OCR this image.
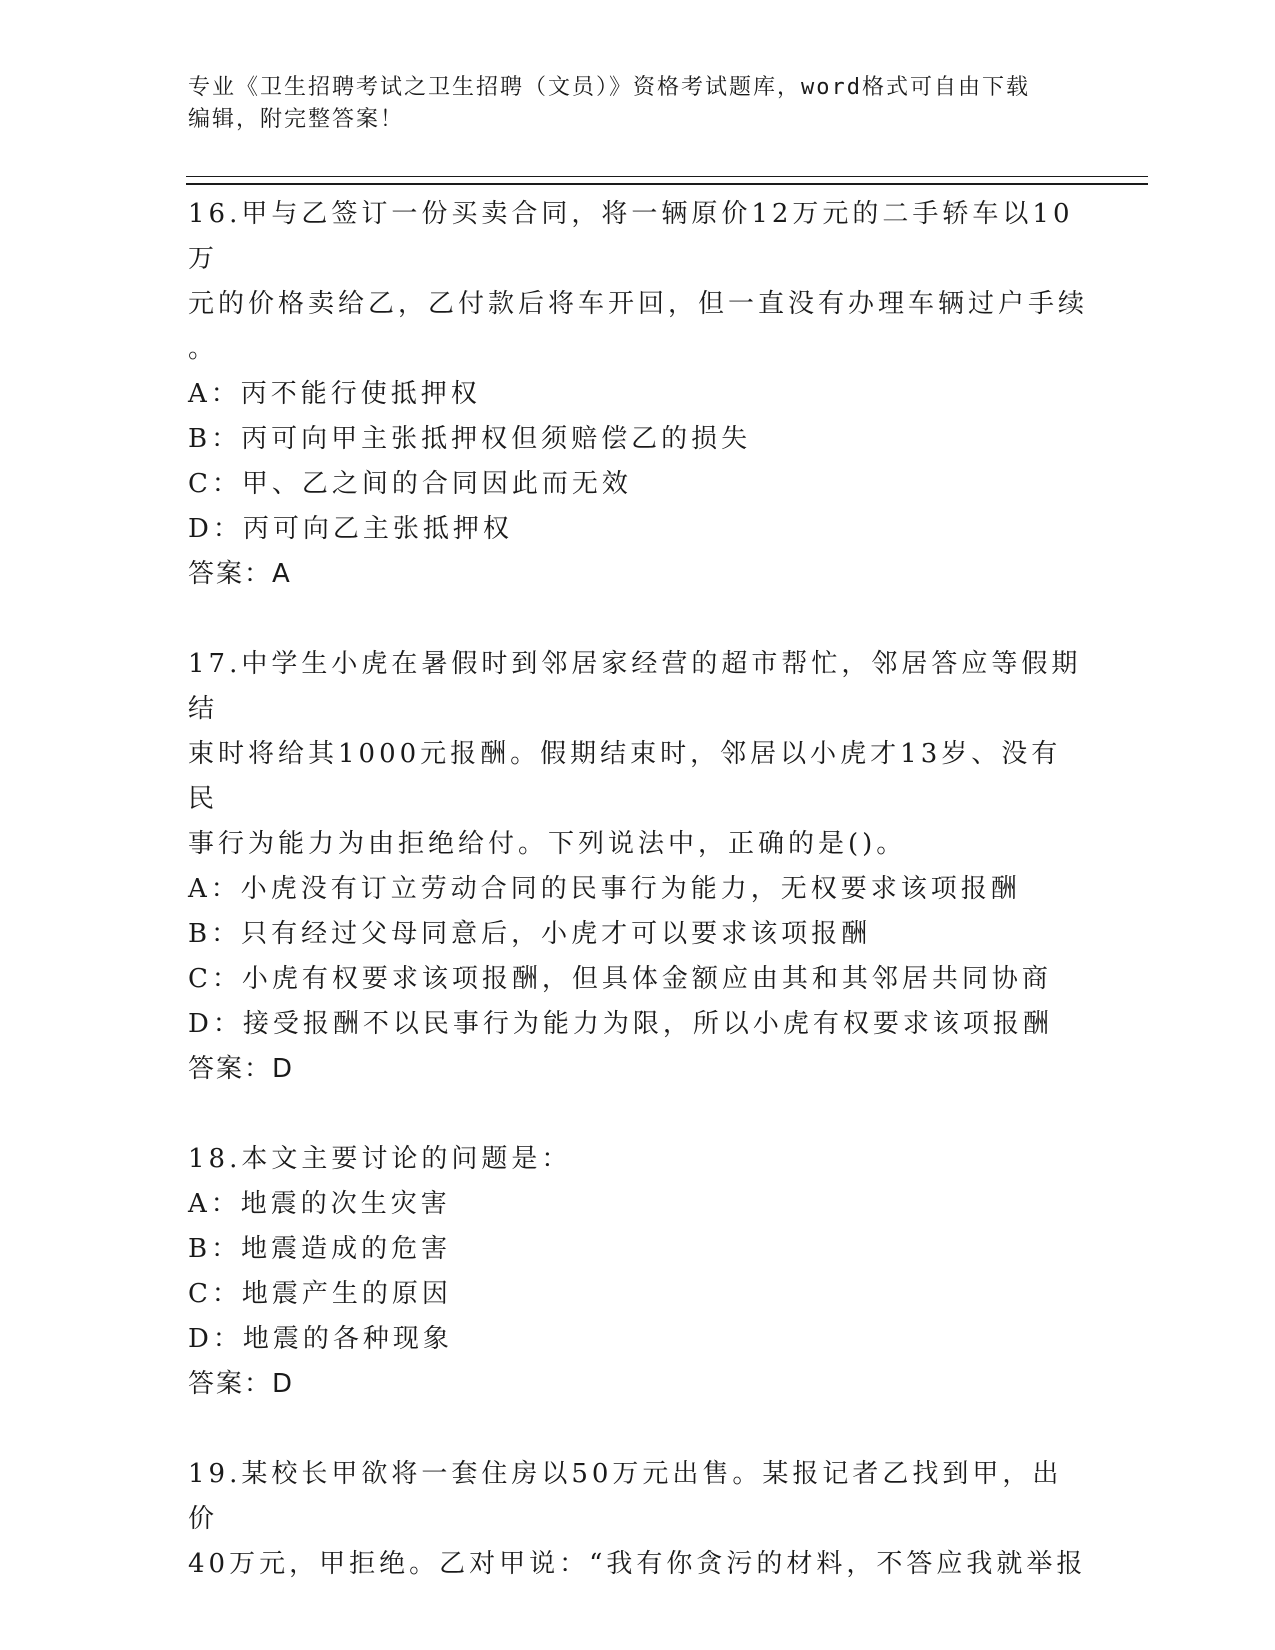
专业《卫生招聘考试之卫生招聘（文员）》资格考试题库，word格式可自由下载
编辑，附完整答案！

16.甲与乙签订一份买卖合同，将一辆原价12万元的二手轿车以10万

元的价格卖给乙，乙付款后将车开回，但一直没有办理车辆过户手续

。

A：丙不能行使抵押权

B：丙可向甲主张抵押权但须赔偿乙的损失

C：甲、乙之间的合同因此而无效

D：丙可向乙主张抵押权

答案：A

17.中学生小虎在暑假时到邻居家经营的超市帮忙，邻居答应等假期结

束时将给其1000元报酬。假期结束时，邻居以小虎才13岁、没有民

事行为能力为由拒绝给付。下列说法中，正确的是()。

A：小虎没有订立劳动合同的民事行为能力，无权要求该项报酬

B：只有经过父母同意后，小虎才可以要求该项报酬

C：小虎有权要求该项报酬，但具体金额应由其和其邻居共同协商

D：接受报酬不以民事行为能力为限，所以小虎有权要求该项报酬

答案：D

18.本文主要讨论的问题是：

A：地震的次生灾害

B：地震造成的危害

C：地震产生的原因

D：地震的各种现象

答案：D

19.某校长甲欲将一套住房以50万元出售。某报记者乙找到甲，出价

40万元，甲拒绝。乙对甲说：“我有你贪污的材料，不答应我就举报
